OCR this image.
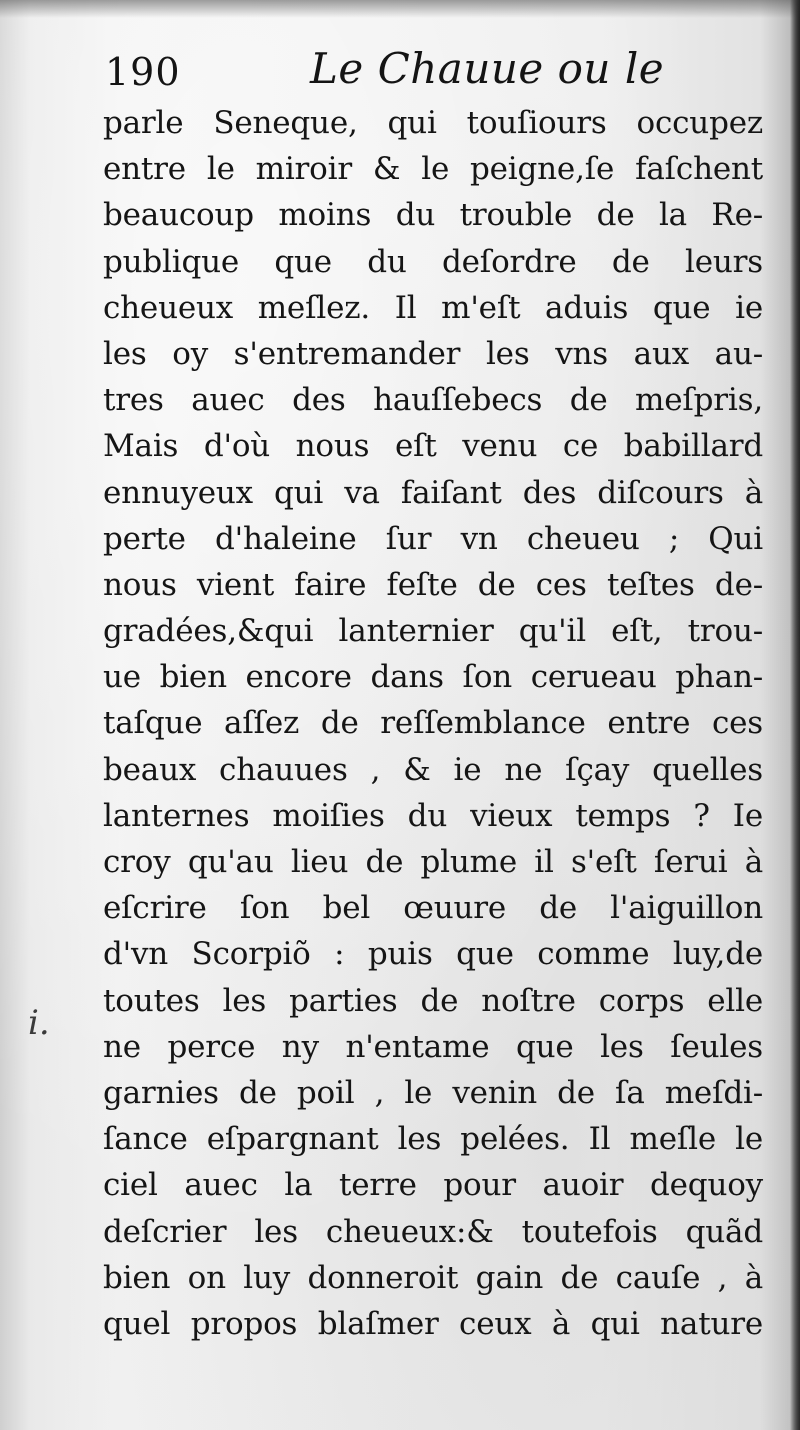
190	Le Chauue ou le
i.
parle Seneque, qui touſiours occupez
entre le miroir & le peigne,ſe faſchent
beaucoup moins du trouble de la Re-
publique que du deſordre de leurs
cheueux meſlez. Il m'eſt aduis que ie
les oy s'entremander les vns aux au-
tres auec des hauſſebecs de meſpris,
Mais d'où nous eſt venu ce babillard
ennuyeux qui va faiſant des diſcours à
perte d'haleine ſur vn cheueu ; Qui
nous vient faire feſte de ces teſtes de-
gradées,&qui lanternier qu'il eſt, trou-
ue bien encore dans ſon cerueau phan-
taſque aſſez de reſſemblance entre ces
beaux chauues , & ie ne ſçay quelles
lanternes moiſies du vieux temps ? Ie
croy qu'au lieu de plume il s'eſt ſerui à
eſcrire ſon bel œuure de l'aiguillon
d'vn Scorpiõ : puis que comme luy,de
toutes les parties de noſtre corps elle
ne perce ny n'entame que les ſeules
garnies de poil , le venin de ſa meſdi-
ſance eſpargnant les pelées. Il meſle le
ciel auec la terre pour auoir dequoy
deſcrier les cheueux:& toutefois quãd
bien on luy donneroit gain de cauſe , à
quel propos blaſmer ceux à qui nature
